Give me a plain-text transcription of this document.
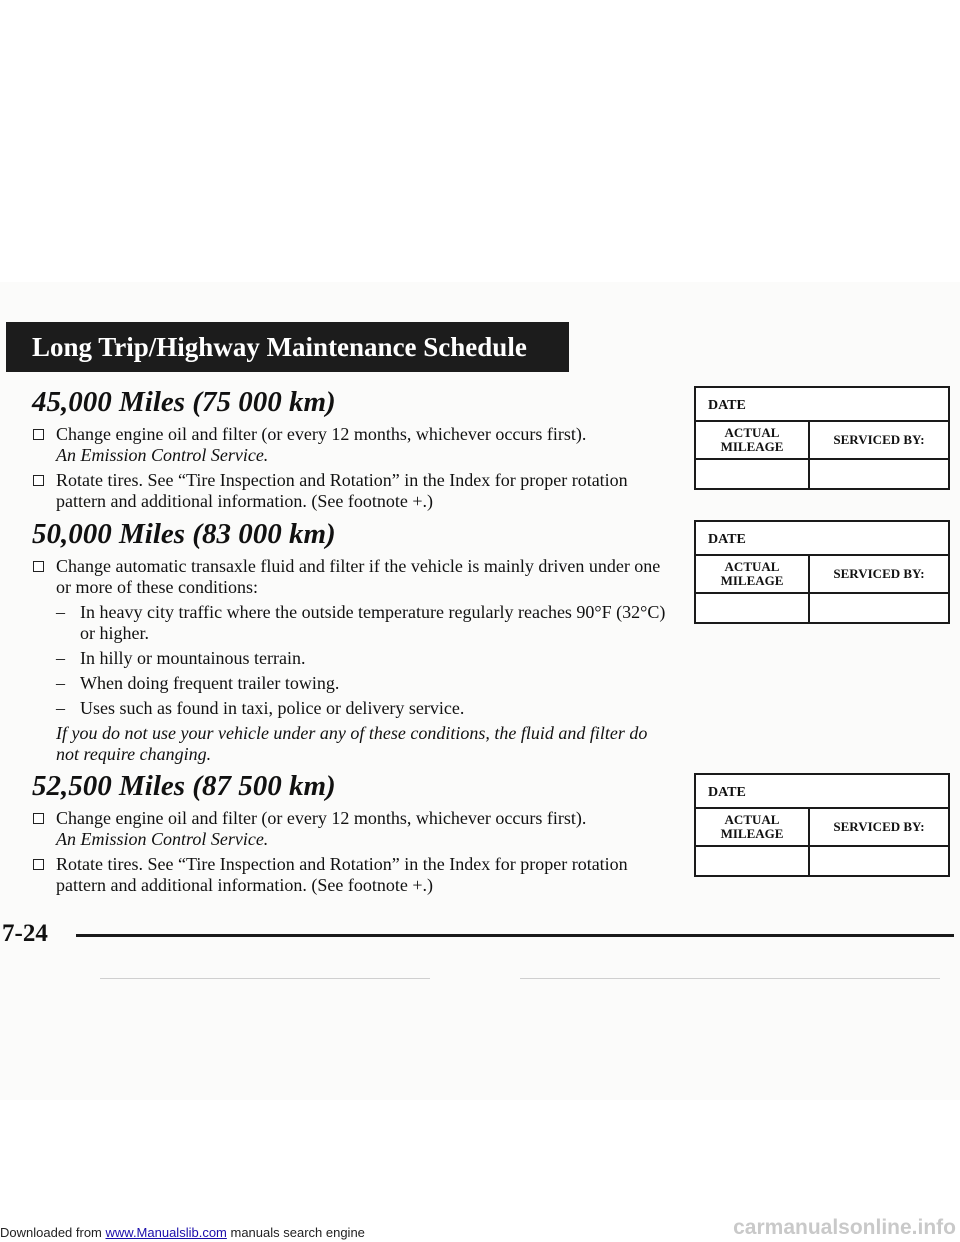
Long Trip/Highway Maintenance Schedule
45,000 Miles (75 000 km)
Change engine oil and filter (or every 12 months, whichever occurs first).
An Emission Control Service.
Rotate tires. See “Tire Inspection and Rotation” in the Index for proper rotation pattern and additional information. (See footnote +.)
50,000 Miles (83 000 km)
Change automatic transaxle fluid and filter if the vehicle is mainly driven under one or more of these conditions:
– In heavy city traffic where the outside temperature regularly reaches 90°F (32°C) or higher.
– In hilly or mountainous terrain.
– When doing frequent trailer towing.
– Uses such as found in taxi, police or delivery service.
If you do not use your vehicle under any of these conditions, the fluid and filter do not require changing.
52,500 Miles (87 500 km)
Change engine oil and filter (or every 12 months, whichever occurs first).
An Emission Control Service.
Rotate tires. See “Tire Inspection and Rotation” in the Index for proper rotation pattern and additional information. (See footnote +.)
DATE
ACTUAL
MILEAGE	SERVICED BY:
DATE
ACTUAL
MILEAGE	SERVICED BY:
DATE
ACTUAL
MILEAGE	SERVICED BY:
7-24
Downloaded from www.Manualslib.com manuals search engine	carmanualsonline.info
